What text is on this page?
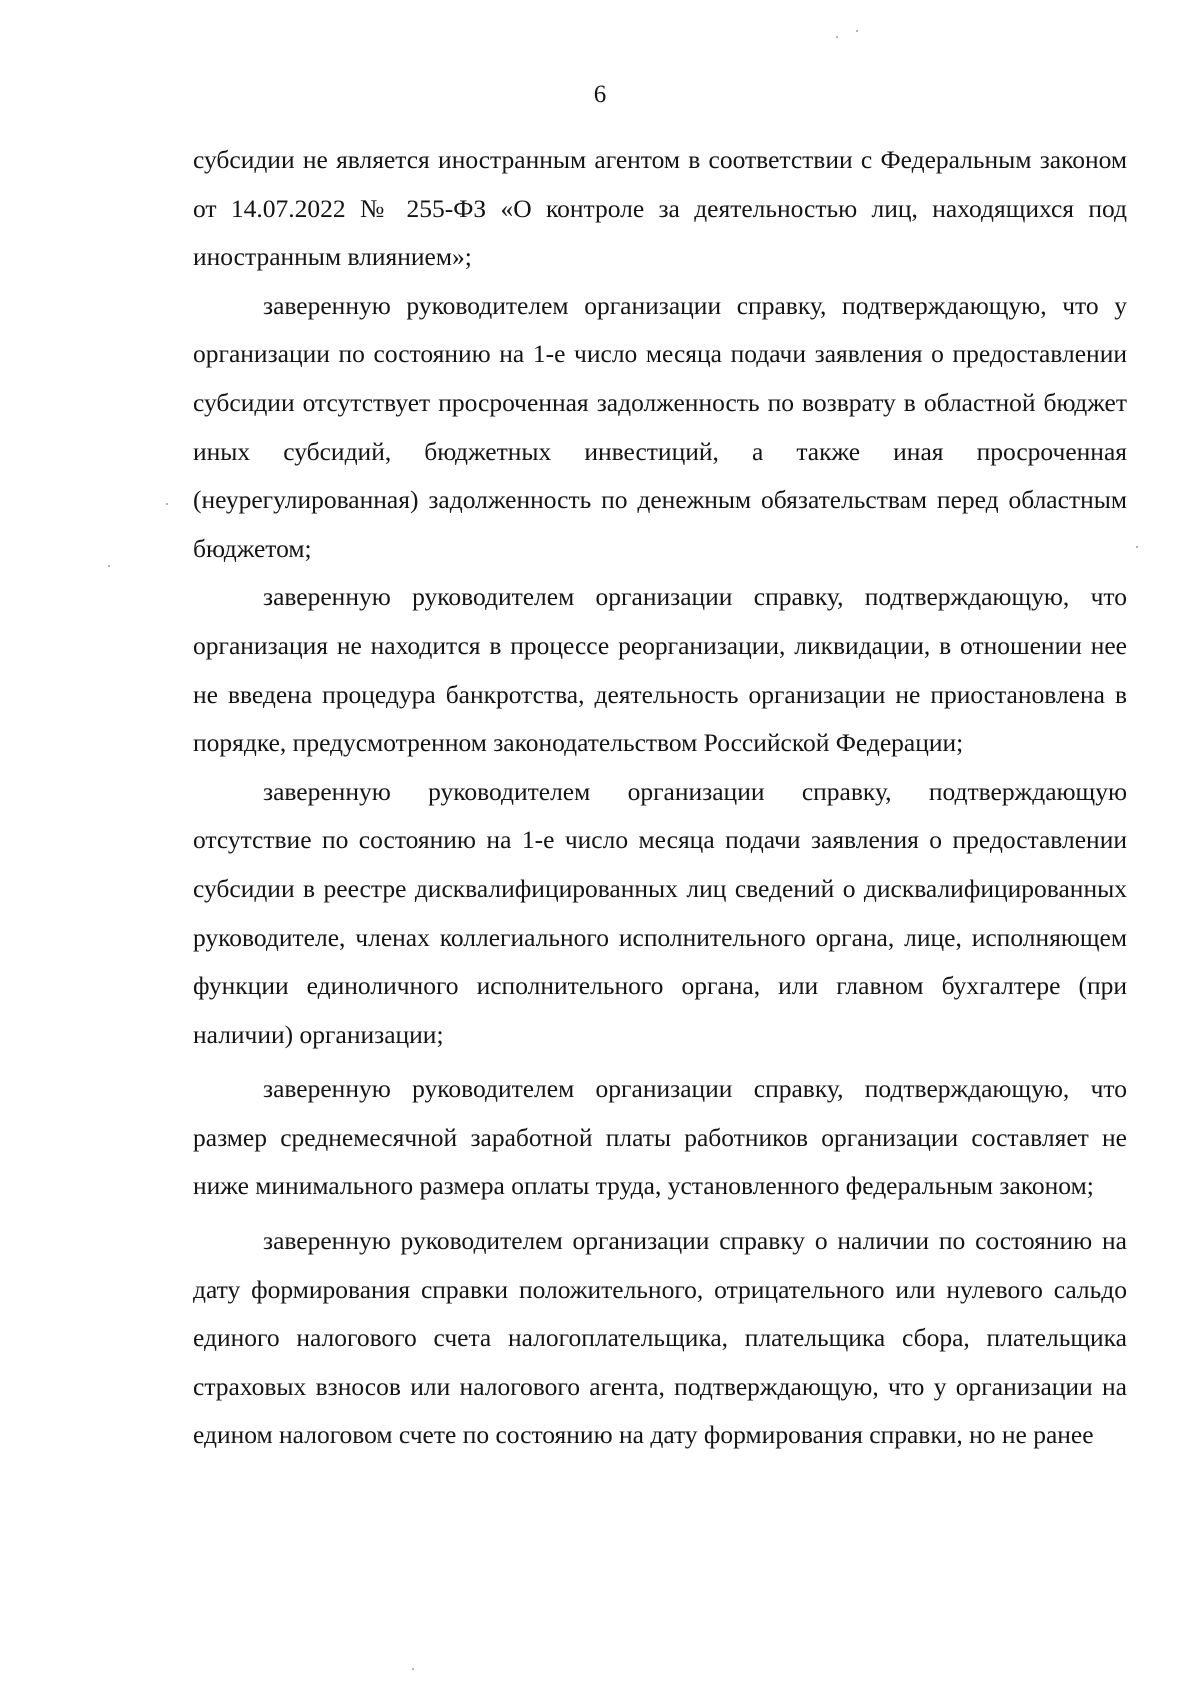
6

субсидии не является иностранным агентом в соответствии с Федеральным законом от 14.07.2022 № 255-ФЗ «О контроле за деятельностью лиц, находящихся под иностранным влиянием»;

заверенную руководителем организации справку, подтверждающую, что у организации по состоянию на 1-е число месяца подачи заявления о предоставлении субсидии отсутствует просроченная задолженность по возврату в областной бюджет иных субсидий, бюджетных инвестиций, а также иная просроченная (неурегулированная) задолженность по денежным обязательствам перед областным бюджетом;

заверенную руководителем организации справку, подтверждающую, что организация не находится в процессе реорганизации, ликвидации, в отношении нее не введена процедура банкротства, деятельность организации не приостановлена в порядке, предусмотренном законодательством Российской Федерации;

заверенную руководителем организации справку, подтверждающую отсутствие по состоянию на 1-е число месяца подачи заявления о предоставлении субсидии в реестре дисквалифицированных лиц сведений о дисквалифицированных руководителе, членах коллегиального исполнительного органа, лице, исполняющем функции единоличного исполнительного органа, или главном бухгалтере (при наличии) организации;

заверенную руководителем организации справку, подтверждающую, что размер среднемесячной заработной платы работников организации составляет не ниже минимального размера оплаты труда, установленного федеральным законом;

заверенную руководителем организации справку о наличии по состоянию на дату формирования справки положительного, отрицательного или нулевого сальдо единого налогового счета налогоплательщика, плательщика сбора, плательщика страховых взносов или налогового агента, подтверждающую, что у организации на едином налоговом счете по состоянию на дату формирования справки, но не ранее
